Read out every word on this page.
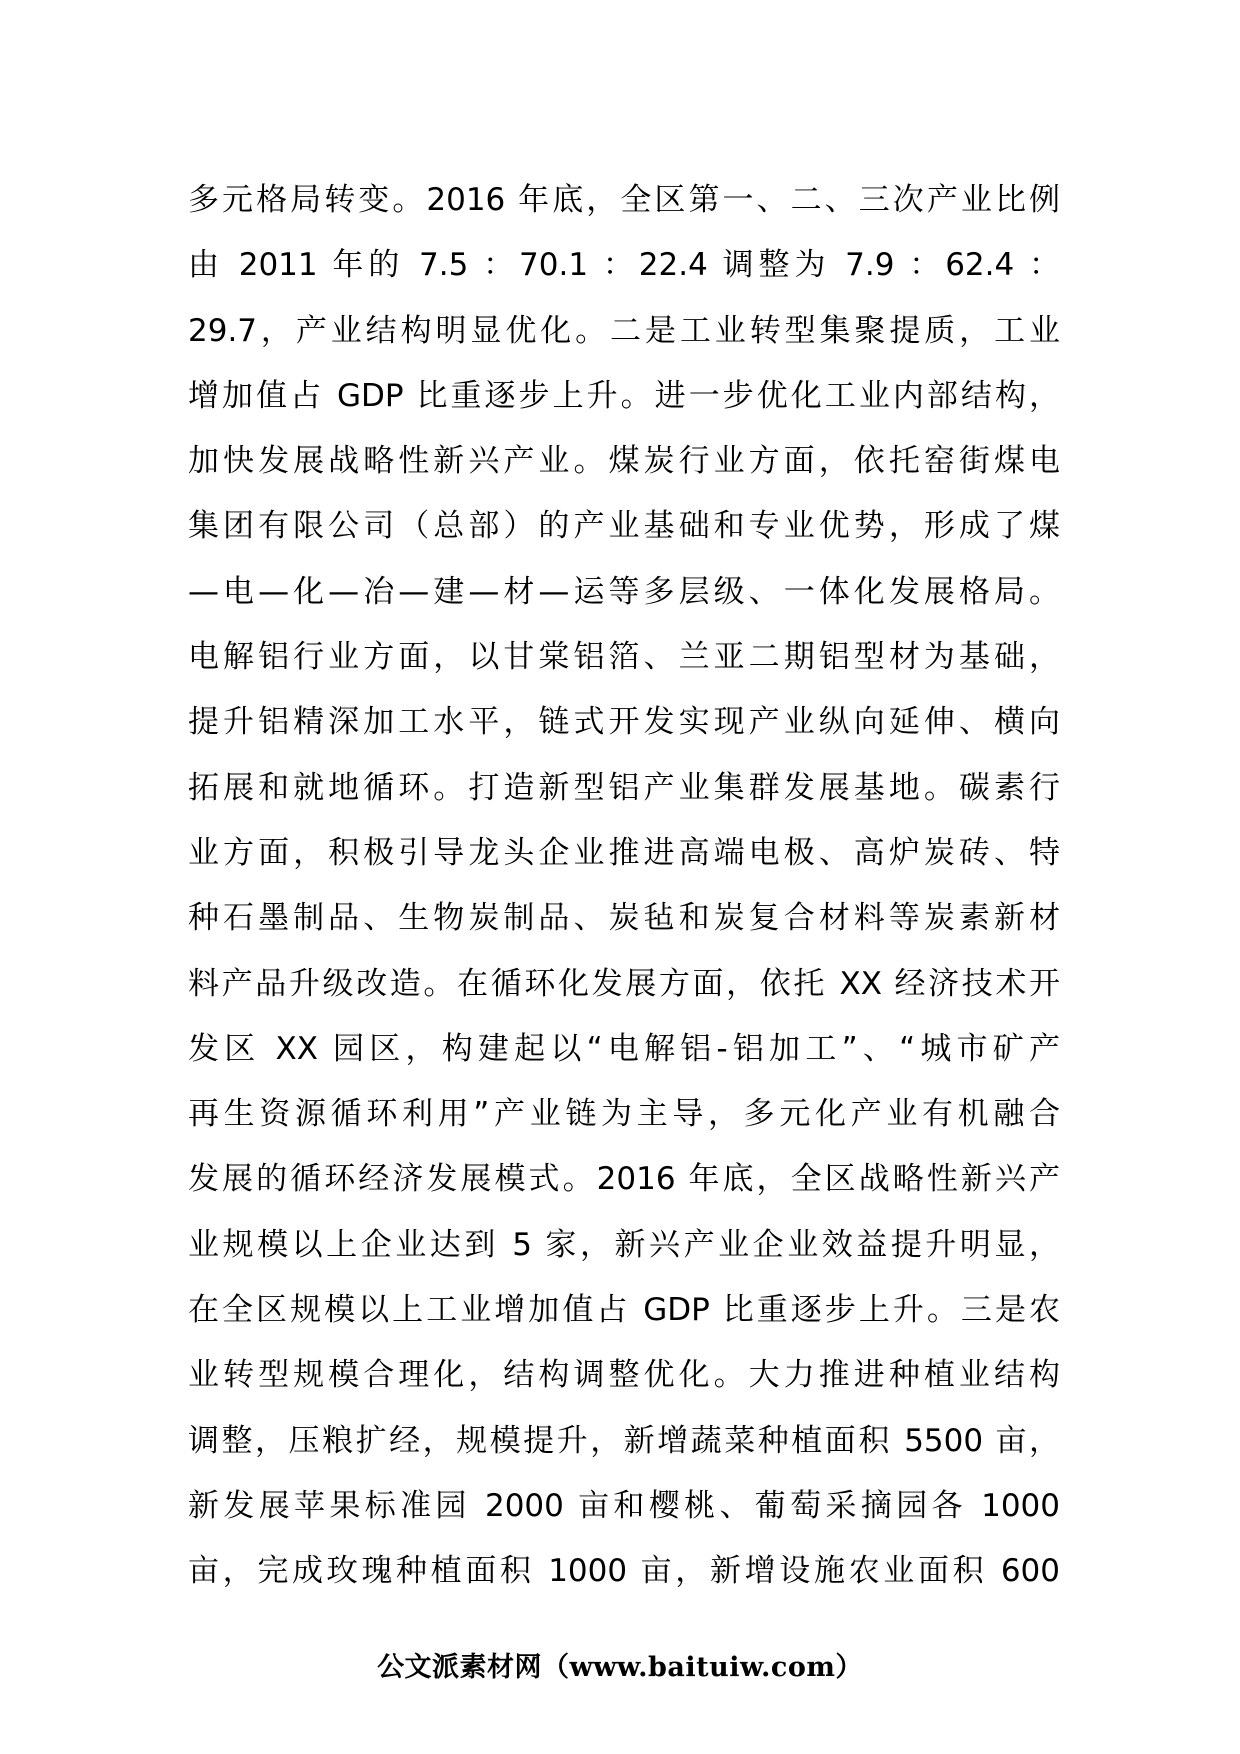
多元格局转变。2016 年底，全区第一、二、三次产业比例
由 2011 年的 7.5 ：70.1 ：22.4 调整为 7.9 ：62.4 ：
29.7，产业结构明显优化。二是工业转型集聚提质，工业
增加值占 GDP 比重逐步上升。进一步优化工业内部结构，
加快发展战略性新兴产业。煤炭行业方面，依托窑街煤电
集团有限公司（总部）的产业基础和专业优势，形成了煤
—电—化—冶—建—材—运等多层级、一体化发展格局。
电解铝行业方面，以甘棠铝箔、兰亚二期铝型材为基础，
提升铝精深加工水平，链式开发实现产业纵向延伸、横向
拓展和就地循环。打造新型铝产业集群发展基地。碳素行
业方面，积极引导龙头企业推进高端电极、高炉炭砖、特
种石墨制品、生物炭制品、炭毡和炭复合材料等炭素新材
料产品升级改造。在循环化发展方面，依托 XX 经济技术开
发区 XX 园区，构建起以“电解铝-铝加工”、“城市矿产
再生资源循环利用”产业链为主导，多元化产业有机融合
发展的循环经济发展模式。2016 年底，全区战略性新兴产
业规模以上企业达到 5 家，新兴产业企业效益提升明显，
在全区规模以上工业增加值占 GDP 比重逐步上升。三是农
业转型规模合理化，结构调整优化。大力推进种植业结构
调整，压粮扩经，规模提升，新增蔬菜种植面积 5500 亩，
新发展苹果标准园 2000 亩和樱桃、葡萄采摘园各 1000
亩，完成玫瑰种植面积 1000 亩，新增设施农业面积 600
公文派素材网（www.baituiw.com）
